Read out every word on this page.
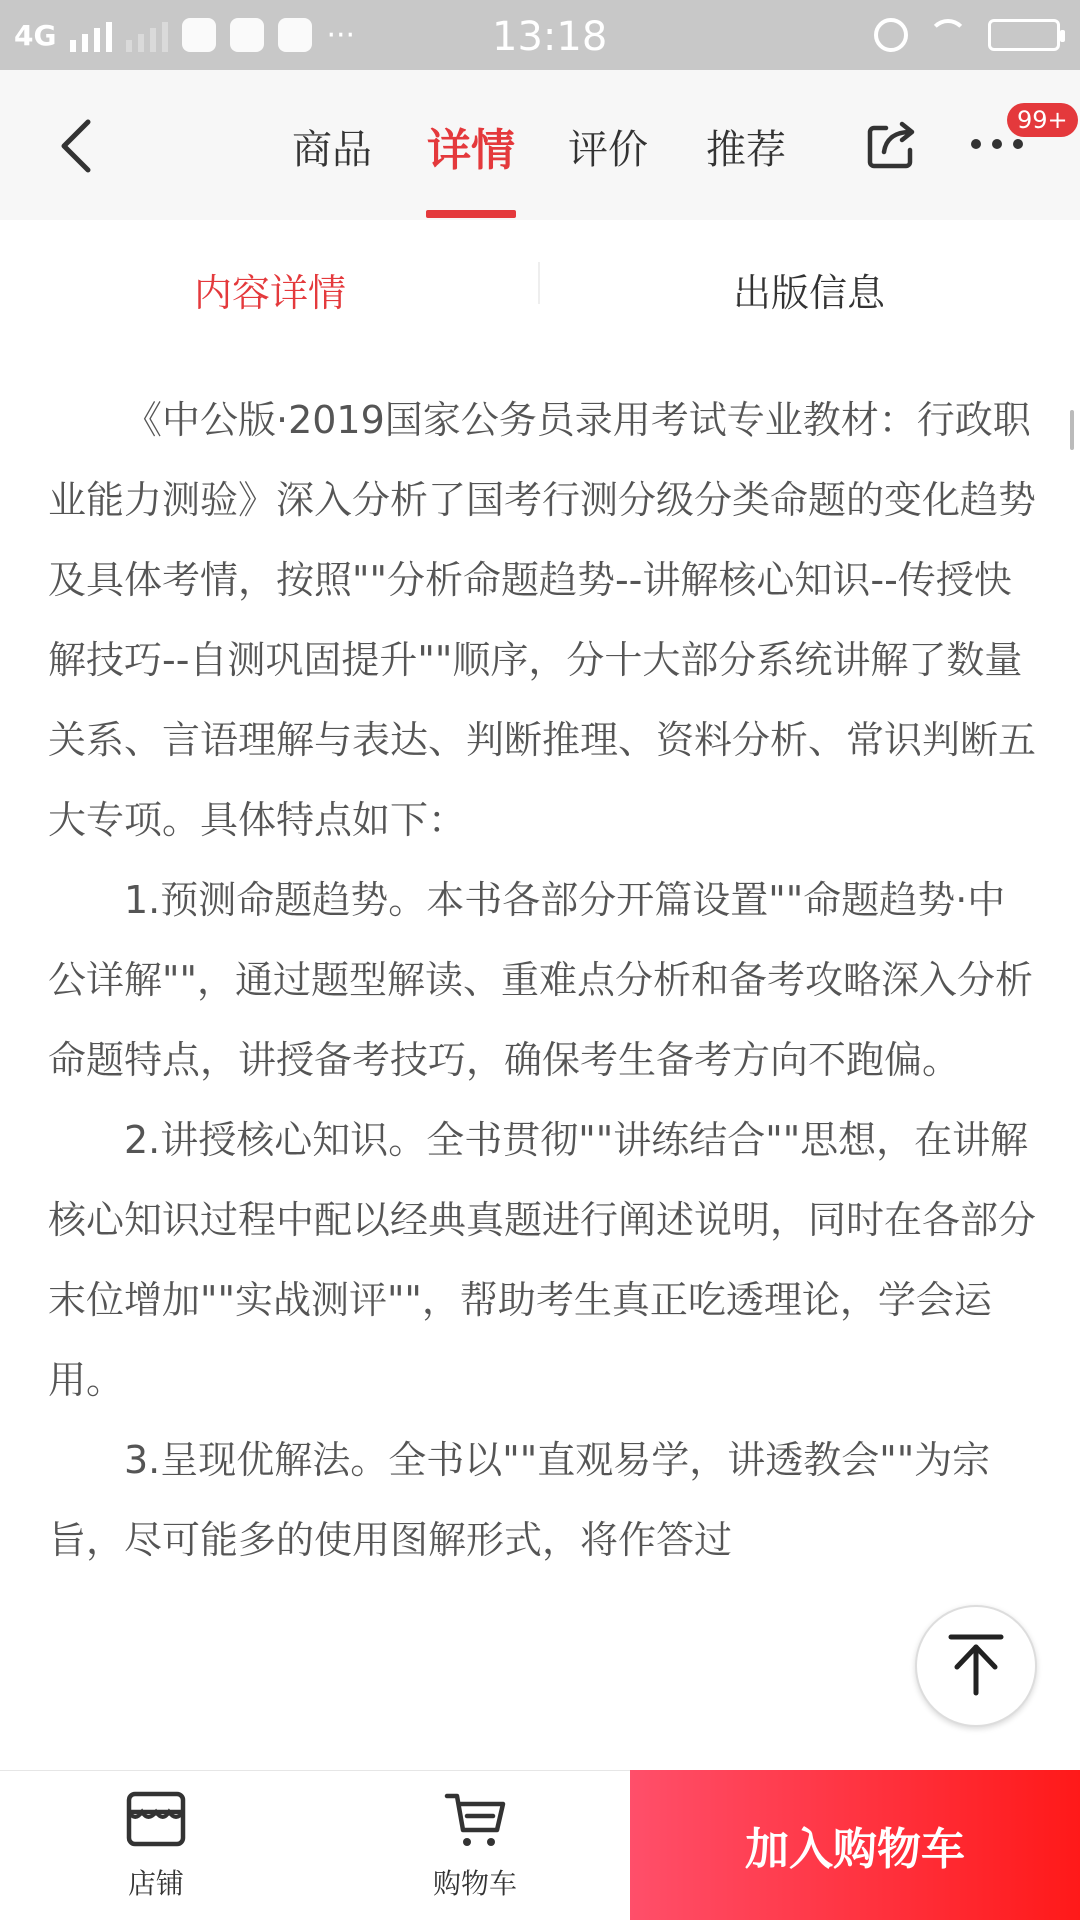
4G	···	13:18
商品 详情 评价 推荐
99+
内容详情	出版信息

《中公版·2019国家公务员录用考试专业教材：行政职业能力测验》深入分析了国考行测分级分类命题的变化趋势及具体考情，按照""分析命题趋势--讲解核心知识--传授快解技巧--自测巩固提升""顺序，分十大部分系统讲解了数量关系、言语理解与表达、判断推理、资料分析、常识判断五大专项。具体特点如下：

1.预测命题趋势。本书各部分开篇设置""命题趋势·中公详解""，通过题型解读、重难点分析和备考攻略深入分析命题特点，讲授备考技巧，确保考生备考方向不跑偏。

2.讲授核心知识。全书贯彻""讲练结合""思想，在讲解核心知识过程中配以经典真题进行阐述说明，同时在各部分末位增加""实战测评""，帮助考生真正吃透理论，学会运用。

3.呈现优解法。全书以""直观易学，讲透教会""为宗旨，尽可能多的使用图解形式，将作答过

店铺	购物车
加入购物车
